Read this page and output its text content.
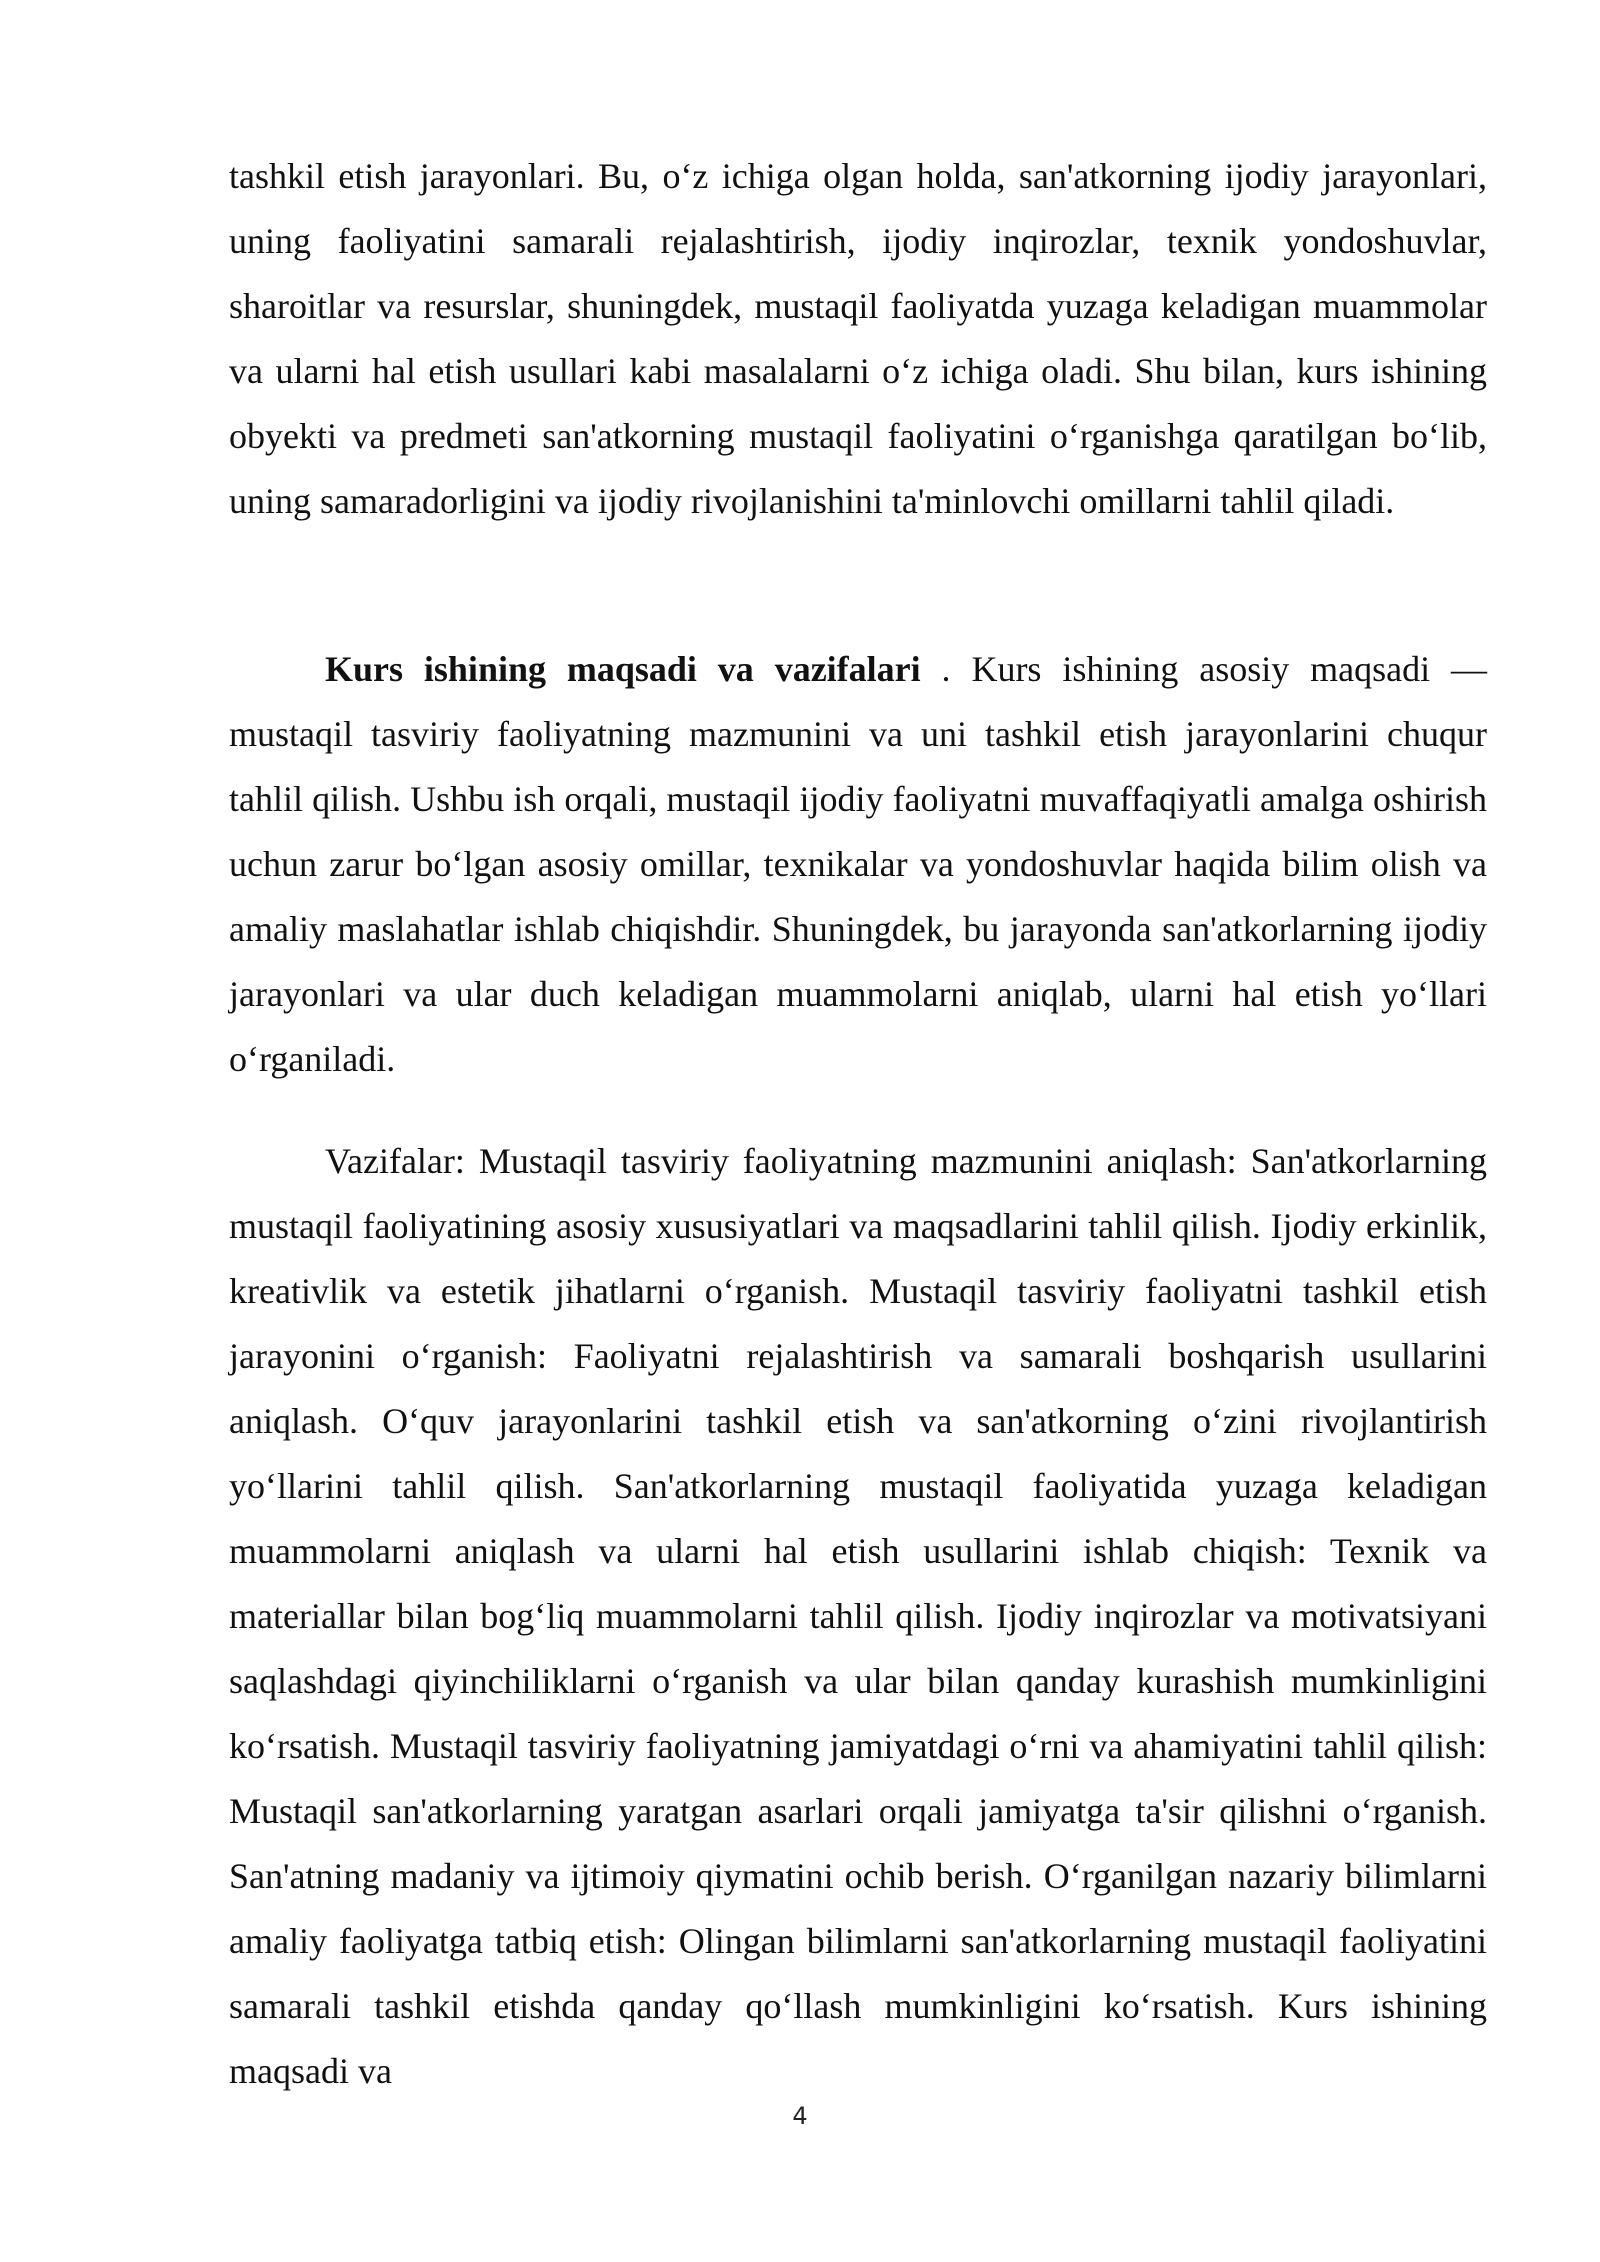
tashkil etish jarayonlari. Bu, o‘z ichiga olgan holda, san'atkorning ijodiy jarayonlari, uning faoliyatini samarali rejalashtirish, ijodiy inqirozlar, texnik yondoshuvlar, sharoitlar va resurslar, shuningdek, mustaqil faoliyatda yuzaga keladigan muammolar va ularni hal etish usullari kabi masalalarni o‘z ichiga oladi. Shu bilan, kurs ishining obyekti va predmeti san'atkorning mustaqil faoliyatini o‘rganishga qaratilgan bo‘lib, uning samaradorligini va ijodiy rivojlanishini ta'minlovchi omillarni tahlil qiladi.

Kurs ishining maqsadi va vazifalari . Kurs ishining asosiy maqsadi — mustaqil tasviriy faoliyatning mazmunini va uni tashkil etish jarayonlarini chuqur tahlil qilish. Ushbu ish orqali, mustaqil ijodiy faoliyatni muvaffaqiyatli amalga oshirish uchun zarur bo‘lgan asosiy omillar, texnikalar va yondoshuvlar haqida bilim olish va amaliy maslahatlar ishlab chiqishdir. Shuningdek, bu jarayonda san'atkorlarning ijodiy jarayonlari va ular duch keladigan muammolarni aniqlab, ularni hal etish yo‘llari o‘rganiladi.

Vazifalar: Mustaqil tasviriy faoliyatning mazmunini aniqlash: San'atkorlarning mustaqil faoliyatining asosiy xususiyatlari va maqsadlarini tahlil qilish. Ijodiy erkinlik, kreativlik va estetik jihatlarni o‘rganish. Mustaqil tasviriy faoliyatni tashkil etish jarayonini o‘rganish: Faoliyatni rejalashtirish va samarali boshqarish usullarini aniqlash. O‘quv jarayonlarini tashkil etish va san'atkorning o‘zini rivojlantirish yo‘llarini tahlil qilish. San'atkorlarning mustaqil faoliyatida yuzaga keladigan muammolarni aniqlash va ularni hal etish usullarini ishlab chiqish: Texnik va materiallar bilan bog‘liq muammolarni tahlil qilish. Ijodiy inqirozlar va motivatsiyani saqlashdagi qiyinchiliklarni o‘rganish va ular bilan qanday kurashish mumkinligini ko‘rsatish. Mustaqil tasviriy faoliyatning jamiyatdagi o‘rni va ahamiyatini tahlil qilish: Mustaqil san'atkorlarning yaratgan asarlari orqali jamiyatga ta'sir qilishni o‘rganish. San'atning madaniy va ijtimoiy qiymatini ochib berish. O‘rganilgan nazariy bilimlarni amaliy faoliyatga tatbiq etish: Olingan bilimlarni san'atkorlarning mustaqil faoliyatini samarali tashkil etishda qanday qo‘llash mumkinligini ko‘rsatish. Kurs ishining maqsadi va

4
